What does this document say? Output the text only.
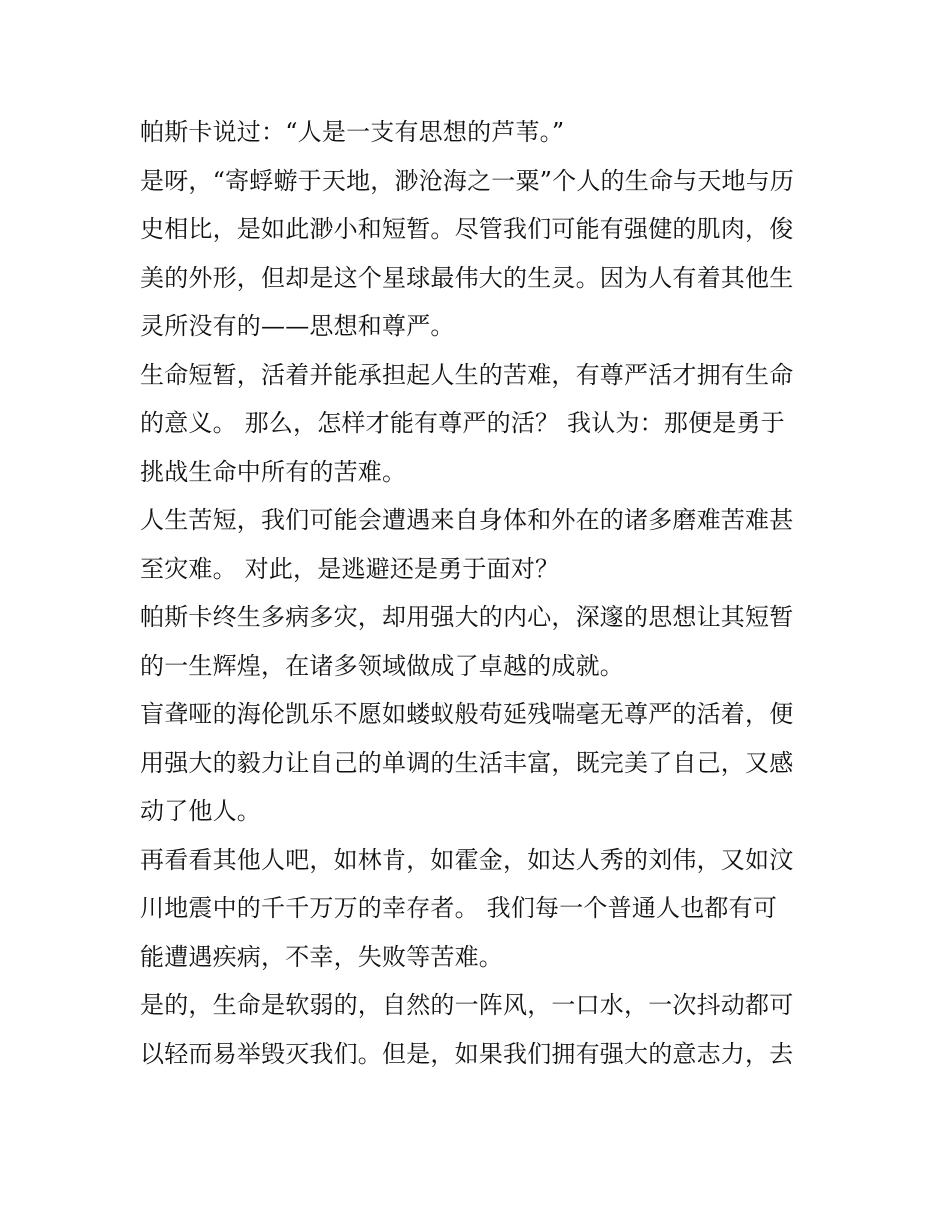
帕斯卡说过：“人是一支有思想的芦苇。”

是呀，“寄蜉蝣于天地，渺沧海之一粟”个人的生命与天地与历
史相比，是如此渺小和短暂。尽管我们可能有强健的肌肉，俊
美的外形，但却是这个星球最伟大的生灵。因为人有着其他生
灵所没有的——思想和尊严。

生命短暂，活着并能承担起人生的苦难，有尊严活才拥有生命
的意义。 那么，怎样才能有尊严的活？ 我认为：那便是勇于
挑战生命中所有的苦难。

人生苦短，我们可能会遭遇来自身体和外在的诸多磨难苦难甚
至灾难。 对此，是逃避还是勇于面对？

帕斯卡终生多病多灾，却用强大的内心，深邃的思想让其短暂
的一生辉煌，在诸多领域做成了卓越的成就。

盲聋哑的海伦凯乐不愿如蝼蚁般苟延残喘毫无尊严的活着，便
用强大的毅力让自己的单调的生活丰富，既完美了自己，又感
动了他人。

再看看其他人吧，如林肯，如霍金，如达人秀的刘伟，又如汶
川地震中的千千万万的幸存者。 我们每一个普通人也都有可
能遭遇疾病，不幸，失败等苦难。

是的，生命是软弱的，自然的一阵风，一口水，一次抖动都可
以轻而易举毁灭我们。但是，如果我们拥有强大的意志力，去
